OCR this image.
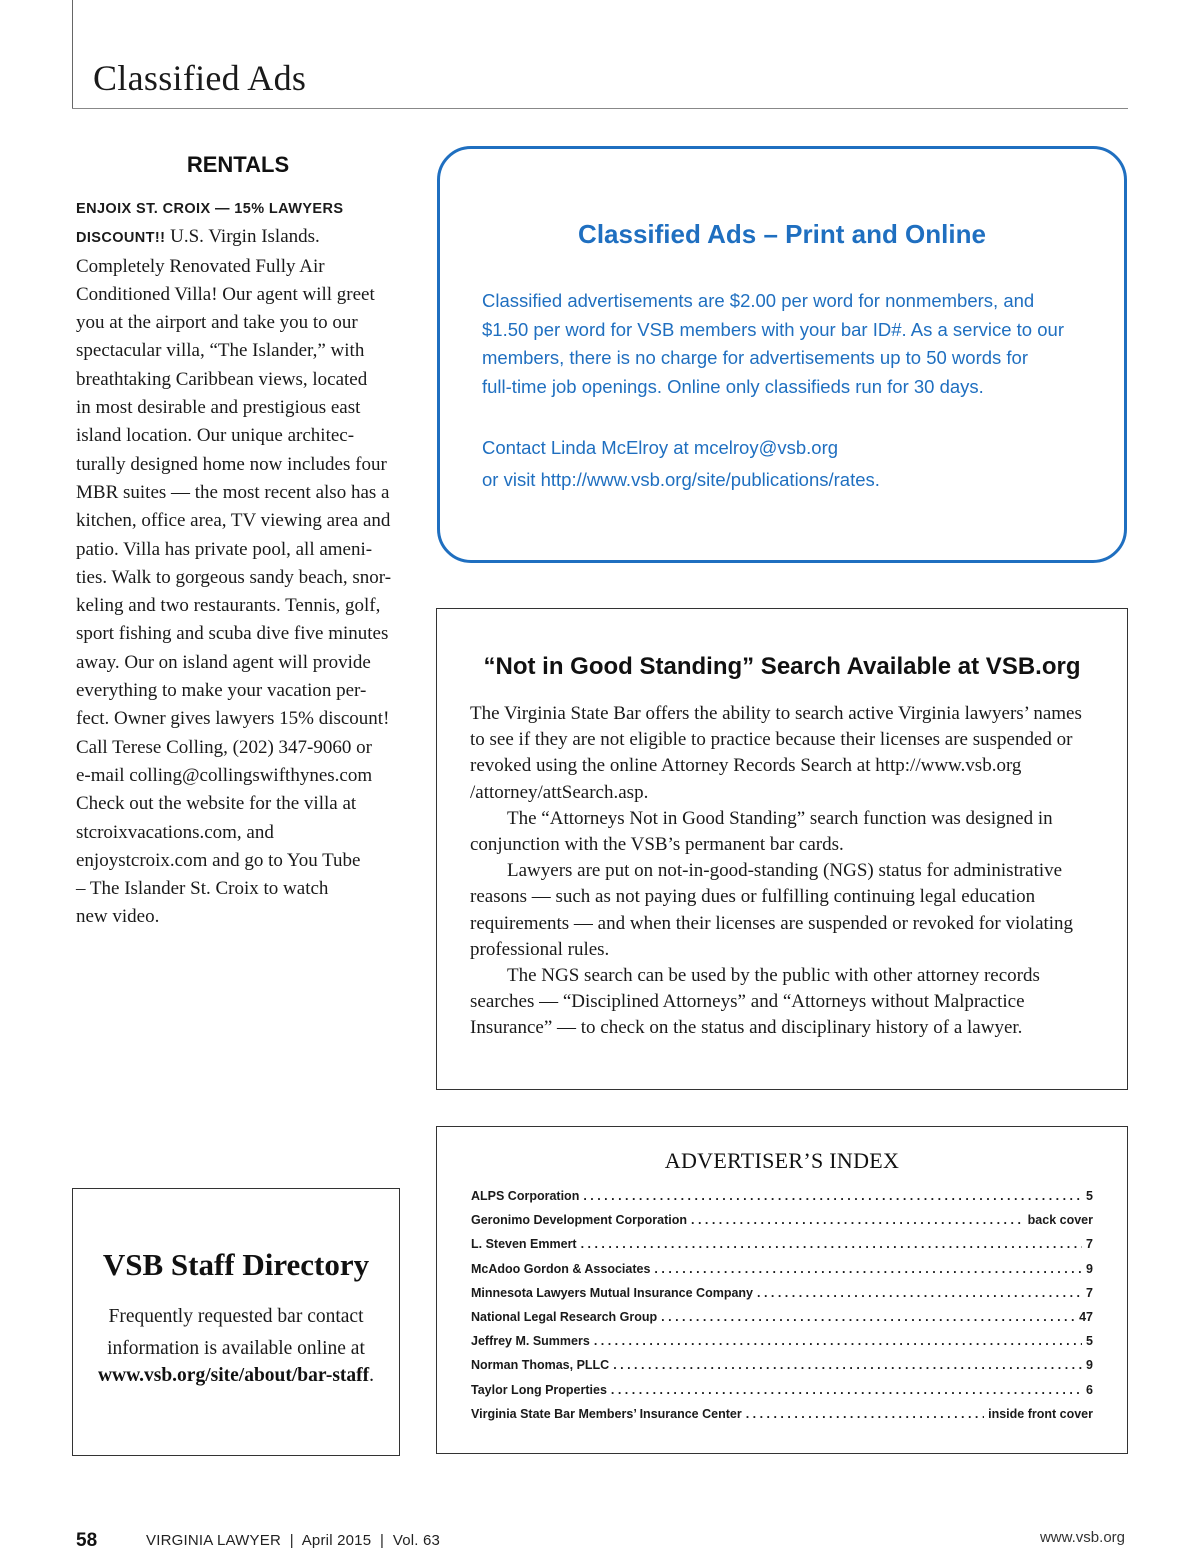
Classified Ads
RENTALS
ENJOIX ST. CROIX — 15% LAWYERS
DISCOUNT!! U.S. Virgin Islands.
Completely Renovated Fully Air
Conditioned Villa! Our agent will greet
you at the airport and take you to our
spectacular villa, “The Islander,” with
breathtaking Caribbean views, located
in most desirable and prestigious east
island location. Our unique architec-
turally designed home now includes four
MBR suites — the most recent also has a
kitchen, office area, TV viewing area and
patio. Villa has private pool, all ameni-
ties. Walk to gorgeous sandy beach, snor-
keling and two restaurants. Tennis, golf,
sport fishing and scuba dive five minutes
away. Our on island agent will provide
everything to make your vacation per-
fect. Owner gives lawyers 15% discount!
Call Terese Colling, (202) 347-9060 or
e-mail colling@collingswifthynes.com
Check out the website for the villa at
stcroixvacations.com, and
enjoystcroix.com and go to You Tube
– The Islander St. Croix to watch
new video.
Classified Ads – Print and Online
Classified advertisements are $2.00 per word for nonmembers, and
$1.50 per word for VSB members with your bar ID#. As a service to our
members, there is no charge for advertisements up to 50 words for
full-time job openings. Online only classifieds run for 30 days.
Contact Linda McElroy at mcelroy@vsb.org
or visit http://www.vsb.org/site/publications/rates.
“Not in Good Standing” Search Available at VSB.org

The Virginia State Bar offers the ability to search active Virginia lawyers’ names
to see if they are not eligible to practice because their licenses are suspended or
revoked using the online Attorney Records Search at http://www.vsb.org
/attorney/attSearch.asp.

The “Attorneys Not in Good Standing” search function was designed in
conjunction with the VSB’s permanent bar cards.

Lawyers are put on not-in-good-standing (NGS) status for administrative
reasons — such as not paying dues or fulfilling continuing legal education
requirements — and when their licenses are suspended or revoked for violating
professional rules.

The NGS search can be used by the public with other attorney records
searches — “Disciplined Attorneys” and “Attorneys without Malpractice
Insurance” — to check on the status and disciplinary history of a lawyer.

VSB Staff Directory
Frequently requested bar contact
information is available online at
www.vsb.org/site/about/bar-staff.
ADVERTISER’S INDEX
ALPS Corporation . . .	5
Geronimo Development Corporation . . .	back cover
L. Steven Emmert . . .	7
McAdoo Gordon & Associates . . .	9
Minnesota Lawyers Mutual Insurance Company . . .	7
National Legal Research Group . . .	47
Jeffrey M. Summers . . .	5
Norman Thomas, PLLC . . .	9
Taylor Long Properties . . .	6
Virginia State Bar Members’ Insurance Center . . .	inside front cover
58	VIRGINIA LAWYER  |  April 2015  |  Vol. 63	www.vsb.org
